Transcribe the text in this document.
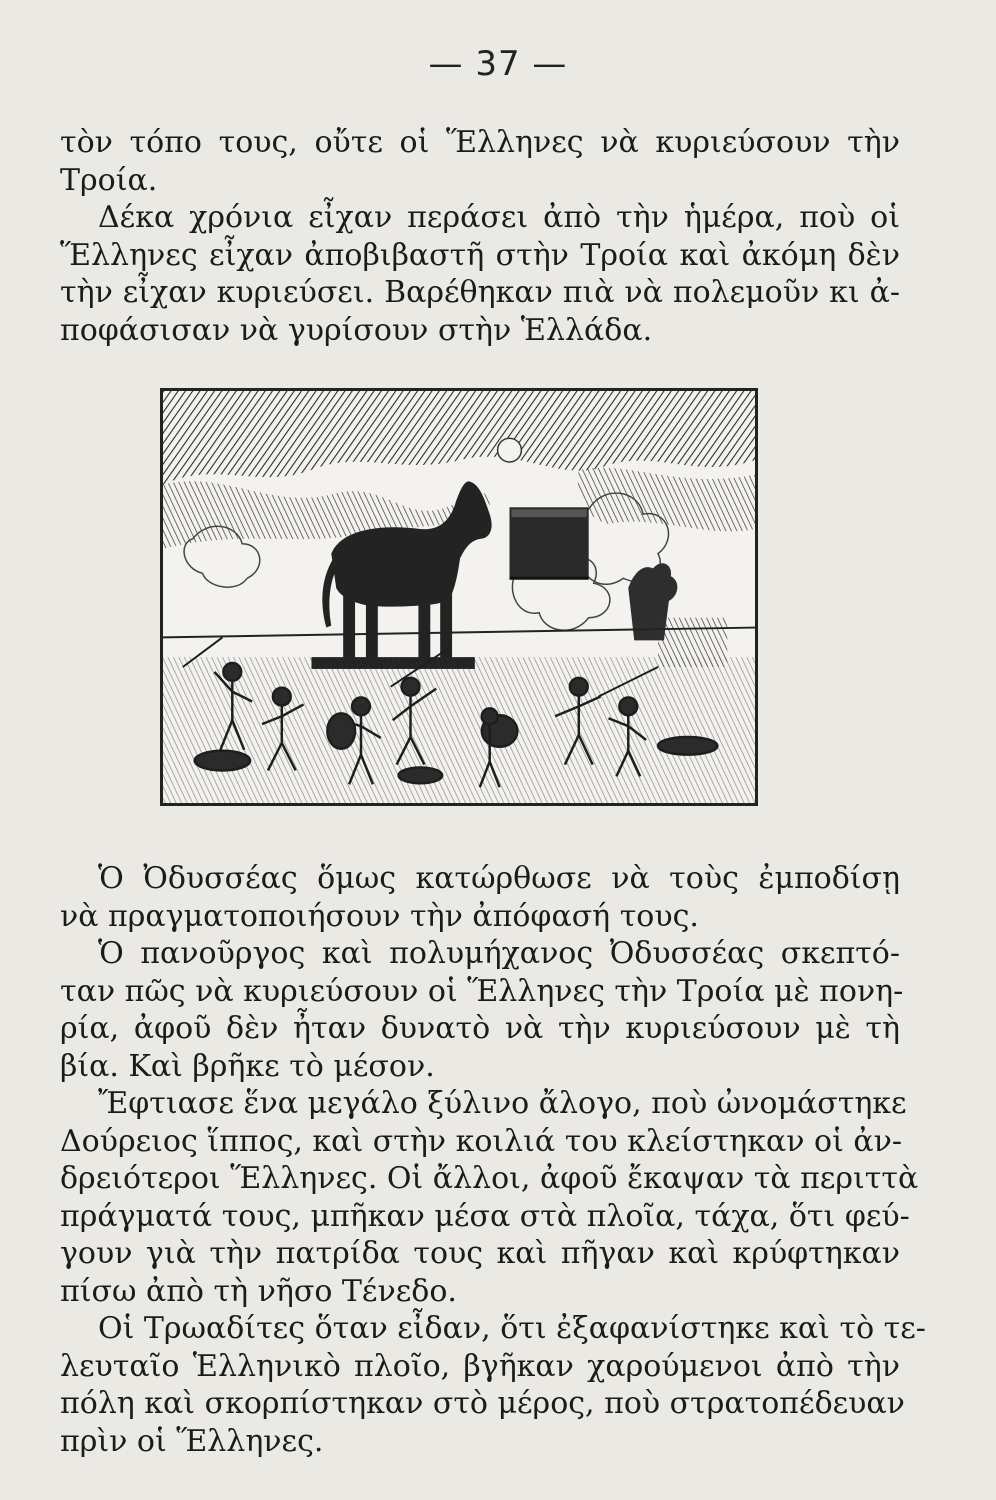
— 37 —

τὸν τόπο τους, οὔτε οἱ Ἕλληνες νὰ κυριεύσουν τὴν
Τροία.

Δέκα χρόνια εἶχαν περάσει ἀπὸ τὴν ἡμέρα, ποὺ οἱ
Ἕλληνες εἶχαν ἀποβιβαστῆ στὴν Τροία καὶ ἀκόμη δὲν
τὴν εἶχαν κυριεύσει. Βαρέθηκαν πιὰ νὰ πολεμοῦν κι ἀ-
ποφάσισαν νὰ γυρίσουν στὴν Ἑλλάδα.

Ὁ Ὀδυσσέας ὅμως κατώρθωσε νὰ τοὺς ἐμποδίσῃ
νὰ πραγματοποιήσουν τὴν ἀπόφασή τους.

Ὁ πανοῦργος καὶ πολυμήχανος Ὀδυσσέας σκεπτό-
ταν πῶς νὰ κυριεύσουν οἱ Ἕλληνες τὴν Τροία μὲ πονη-
ρία, ἀφοῦ δὲν ἦταν δυνατὸ νὰ τὴν κυριεύσουν μὲ τὴ
βία. Καὶ βρῆκε τὸ μέσον.

Ἔφτιασε ἕνα μεγάλο ξύλινο ἄλογο, ποὺ ὠνομάστηκε
Δούρειος ἵππος, καὶ στὴν κοιλιά του κλείστηκαν οἱ ἀν-
δρειότεροι Ἕλληνες. Οἱ ἄλλοι, ἀφοῦ ἔκαψαν τὰ περιττὰ
πράγματά τους, μπῆκαν μέσα στὰ πλοῖα, τάχα, ὅτι φεύ-
γουν γιὰ τὴν πατρίδα τους καὶ πῆγαν καὶ κρύφτηκαν
πίσω ἀπὸ τὴ νῆσο Τένεδο.

Οἱ Τρωαδίτες ὅταν εἶδαν, ὅτι ἐξαφανίστηκε καὶ τὸ τε-
λευταῖο Ἑλληνικὸ πλοῖο, βγῆκαν χαρούμενοι ἀπὸ τὴν
πόλη καὶ σκορπίστηκαν στὸ μέρος, ποὺ στρατοπέδευαν
πρὶν οἱ Ἕλληνες.
